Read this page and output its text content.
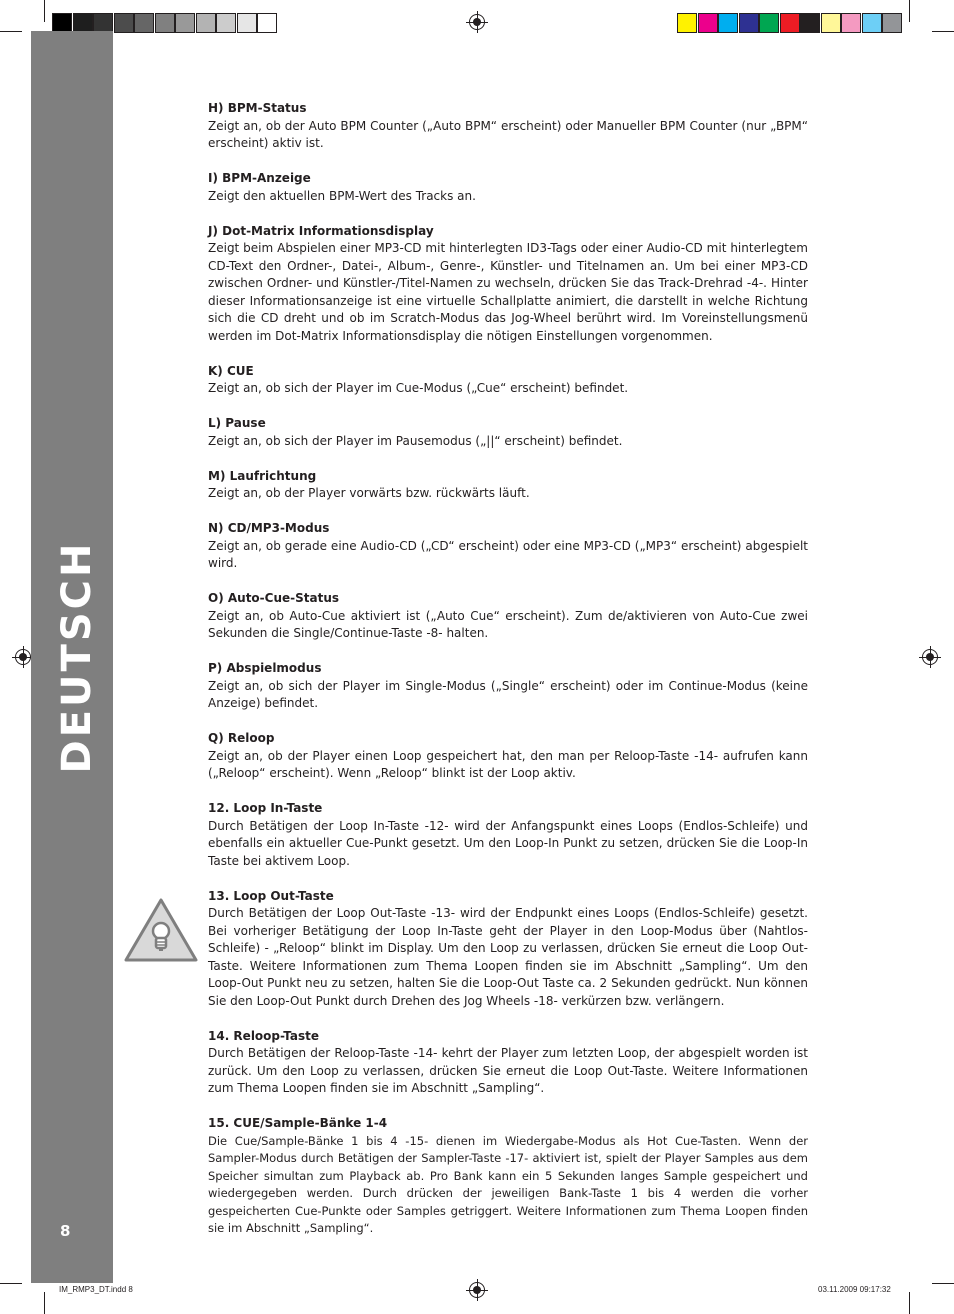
DEUTSCH
8
H) BPM-Status

Zeigt an, ob der Auto BPM Counter („Auto BPM“ erscheint) oder Manueller BPM Counter (nur „BPM“ erscheint) aktiv ist.

I) BPM-Anzeige

Zeigt den aktuellen BPM-Wert des Tracks an.

J) Dot-Matrix Informationsdisplay

Zeigt beim Abspielen einer MP3-CD mit hinterlegten ID3-Tags oder einer Audio-CD mit hinterlegtem CD-Text den Ordner-, Datei-, Album-, Genre-, Künstler- und Titelnamen an. Um bei einer MP3-CD zwischen Ordner- und Künstler-/Titel-Namen zu wechseln, drücken Sie das Track-Drehrad -4-. Hinter dieser Informationsanzeige ist eine virtuelle Schallplatte animiert, die darstellt in welche Richtung sich die CD dreht und ob im Scratch-Modus das Jog-Wheel berührt wird. Im Voreinstellungsmenü werden im Dot-Matrix Informationsdisplay die nötigen Einstellungen vorgenommen.

K) CUE

Zeigt an, ob sich der Player im Cue-Modus („Cue“ erscheint) befindet.

L) Pause

Zeigt an, ob sich der Player im Pausemodus („||“ erscheint) befindet.

M) Laufrichtung

Zeigt an, ob der Player vorwärts bzw. rückwärts läuft.

N) CD/MP3-Modus

Zeigt an, ob gerade eine Audio-CD („CD“ erscheint) oder eine MP3-CD („MP3“ erscheint) abgespielt wird.

O) Auto-Cue-Status

Zeigt an, ob Auto-Cue aktiviert ist („Auto Cue“ erscheint). Zum de/aktivieren von Auto-Cue zwei Sekunden die Single/Continue-Taste -8- halten.

P) Abspielmodus

Zeigt an, ob sich der Player im Single-Modus („Single“ erscheint) oder im Continue-Modus (keine Anzeige) befindet.

Q) Reloop

Zeigt an, ob der Player einen Loop gespeichert hat, den man per Reloop-Taste -14- aufrufen kann („Reloop“ erscheint). Wenn „Reloop“ blinkt ist der Loop aktiv.

12. Loop In-Taste

Durch Betätigen der Loop In-Taste -12- wird der Anfangspunkt eines Loops (Endlos-Schleife) und ebenfalls ein aktueller Cue-Punkt gesetzt. Um den Loop-In Punkt zu setzen, drücken Sie die Loop-In Taste bei aktivem Loop.

13. Loop Out-Taste

Durch Betätigen der Loop Out-Taste -13- wird der Endpunkt eines Loops (Endlos-Schleife) gesetzt. Bei vorheriger Betätigung der Loop In-Taste geht der Player in den Loop-Modus über (Nahtlos-Schleife) - „Reloop“ blinkt im Display. Um den Loop zu verlassen, drücken Sie erneut die Loop Out-Taste. Weitere Informationen zum Thema Loopen finden sie im Abschnitt „Sampling“. Um den Loop-Out Punkt neu zu setzen, halten Sie die Loop-Out Taste ca. 2 Sekunden gedrückt. Nun können Sie den Loop-Out Punkt durch Drehen des Jog Wheels -18- verkürzen bzw. verlängern.

14. Reloop-Taste

Durch Betätigen der Reloop-Taste -14- kehrt der Player zum letzten Loop, der abgespielt worden ist zurück. Um den Loop zu verlassen, drücken Sie erneut die Loop Out-Taste. Weitere Informationen zum Thema Loopen finden sie im Abschnitt „Sampling“.

15. CUE/Sample-Bänke 1-4

Die Cue/Sample-Bänke 1 bis 4 -15- dienen im Wiedergabe-Modus als Hot Cue-Tasten. Wenn der Sampler-Modus durch Betätigen der Sampler-Taste -17- aktiviert ist, spielt der Player Samples aus dem Speicher simultan zum Playback ab. Pro Bank kann ein 5 Sekunden langes Sample gespeichert und wiedergegeben werden. Durch drücken der jeweiligen Bank-Taste 1 bis 4 werden die vorher gespeicherten Cue-Punkte oder Samples getriggert. Weitere Informationen zum Thema Loopen finden sie im Abschnitt „Sampling“.

IM_RMP3_DT.indd 8	03.11.2009 09:17:32
